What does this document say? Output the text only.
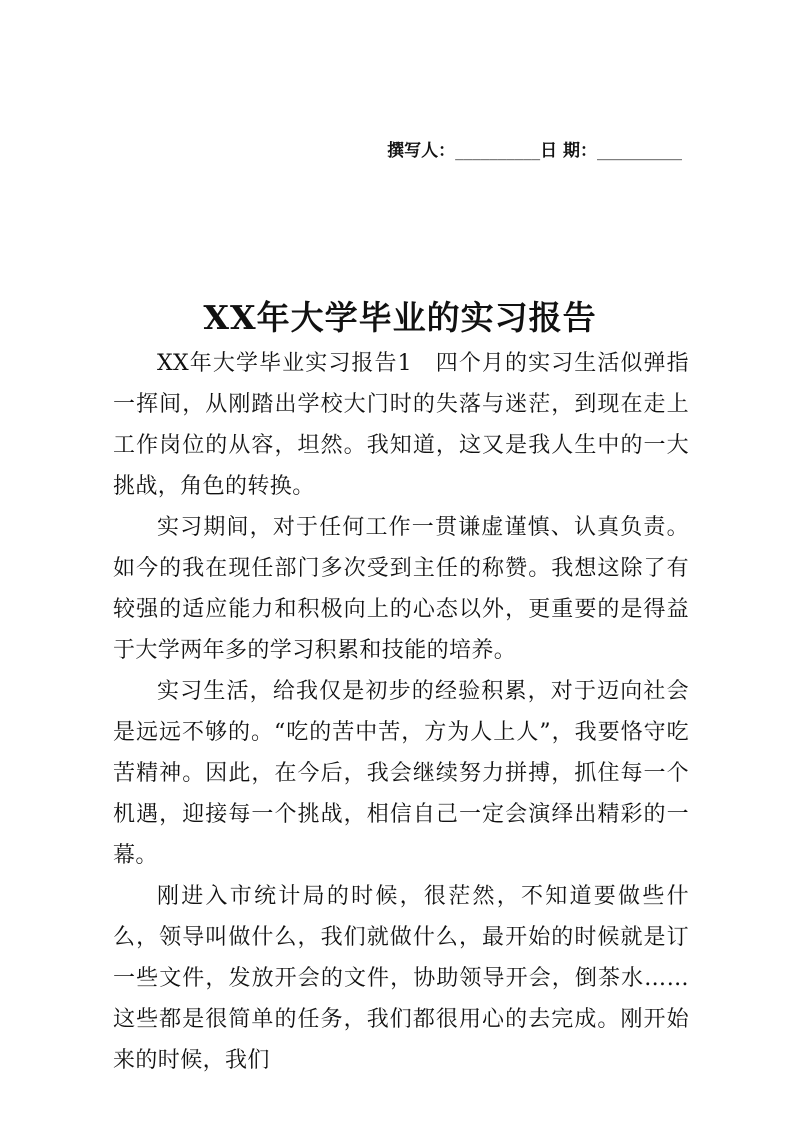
撰写人：__________日 期：__________
XX年大学毕业的实习报告

XX年大学毕业实习报告1　四个月的实习生活似弹指一挥间，从刚踏出学校大门时的失落与迷茫，到现在走上工作岗位的从容，坦然。我知道，这又是我人生中的一大挑战，角色的转换。

实习期间，对于任何工作一贯谦虚谨慎、认真负责。如今的我在现任部门多次受到主任的称赞。我想这除了有较强的适应能力和积极向上的心态以外，更重要的是得益于大学两年多的学习积累和技能的培养。

实习生活，给我仅是初步的经验积累，对于迈向社会是远远不够的。“吃的苦中苦，方为人上人”，我要恪守吃苦精神。因此，在今后，我会继续努力拼搏，抓住每一个机遇，迎接每一个挑战，相信自己一定会演绎出精彩的一幕。

刚进入市统计局的时候，很茫然，不知道要做些什么，领导叫做什么，我们就做什么，最开始的时候就是订一些文件，发放开会的文件，协助领导开会，倒茶水……这些都是很简单的任务，我们都很用心的去完成。刚开始来的时候，我们
